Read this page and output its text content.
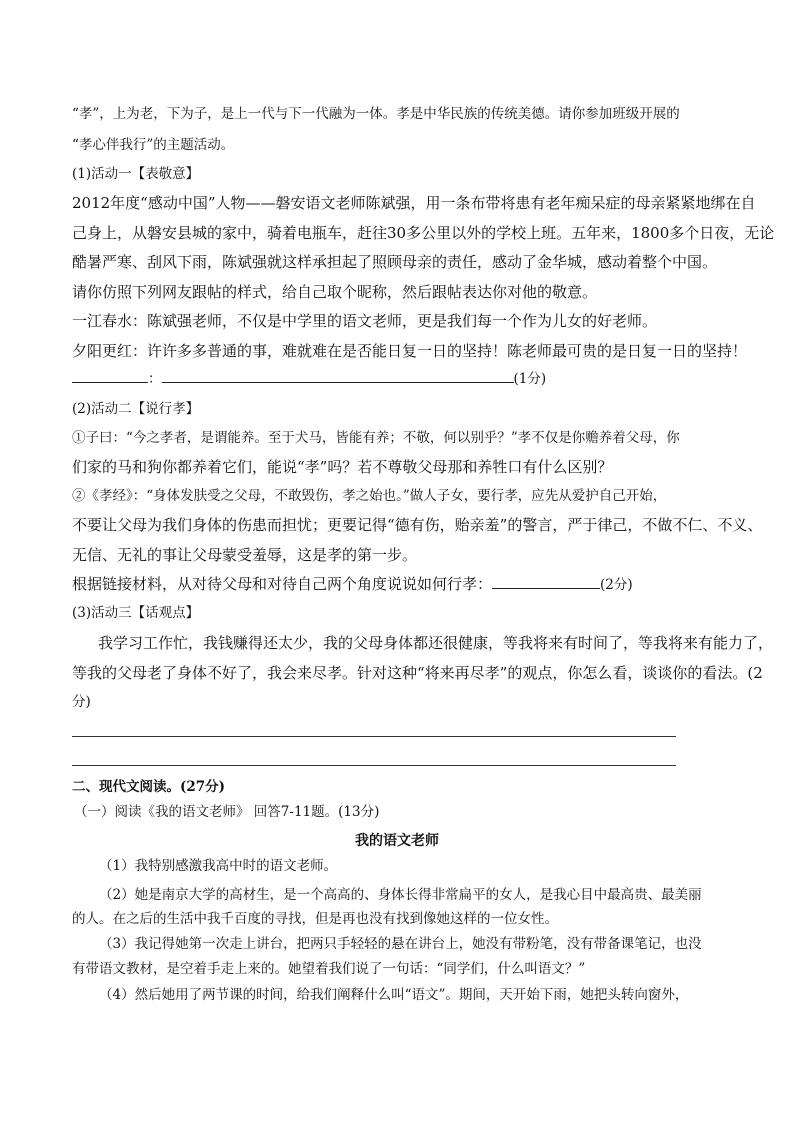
“孝”，上为老，下为子，是上一代与下一代融为一体。孝是中华民族的传统美德。请你参加班级开展的
“孝心伴我行”的主题活动。
(1)活动一【表敬意】
2012年度“感动中国”人物——磐安语文老师陈斌强，用一条布带将患有老年痴呆症的母亲紧紧地绑在自
己身上，从磐安县城的家中，骑着电瓶车，赶往30多公里以外的学校上班。五年来，1800多个日夜，无论
酷暑严寒、刮风下雨，陈斌强就这样承担起了照顾母亲的责任，感动了金华城，感动着整个中国。
请你仿照下列网友跟帖的样式，给自己取个昵称，然后跟帖表达你对他的敬意。
一江春水：陈斌强老师，不仅是中学里的语文老师，更是我们每一个作为儿女的好老师。
夕阳更红：许许多多普通的事，难就难在是否能日复一日的坚持！陈老师最可贵的是日复一日的坚持！
：	(1分)
(2)活动二【说行孝】
①子曰：“今之孝者，是谓能养。至于犬马，皆能有养；不敬，何以别乎？”孝不仅是你赡养着父母，你
们家的马和狗你都养着它们，能说“孝”吗？若不尊敬父母那和养牲口有什么区别？
②《孝经》：“身体发肤受之父母，不敢毁伤，孝之始也。”做人子女，要行孝，应先从爱护自己开始，
不要让父母为我们身体的伤患而担忧；更要记得“德有伤，贻亲羞”的警言，严于律己，不做不仁、不义、
无信、无礼的事让父母蒙受羞辱，这是孝的第一步。
根据链接材料，从对待父母和对待自己两个角度说说如何行孝：	(2分)
(3)活动三【话观点】
我学习工作忙，我钱赚得还太少，我的父母身体都还很健康，等我将来有时间了，等我将来有能力了，
等我的父母老了身体不好了，我会来尽孝。针对这种“将来再尽孝”的观点，你怎么看，谈谈你的看法。(2
分)
二、现代文阅读。(27分)
（一）阅读《我的语文老师》 回答7-11题。(13分)
我的语文老师
（1）我特别感激我高中时的语文老师。
（2）她是南京大学的高材生，是一个高高的、身体长得非常扁平的女人，是我心目中最高贵、最美丽
的人。在之后的生活中我千百度的寻找，但是再也没有找到像她这样的一位女性。
（3）我记得她第一次走上讲台，把两只手轻轻的悬在讲台上，她没有带粉笔，没有带备课笔记，也没
有带语文教材，是空着手走上来的。她望着我们说了一句话：“同学们，什么叫语文？”
（4）然后她用了两节课的时间，给我们阐释什么叫“语文”。期间，天开始下雨，她把头转向窗外，
